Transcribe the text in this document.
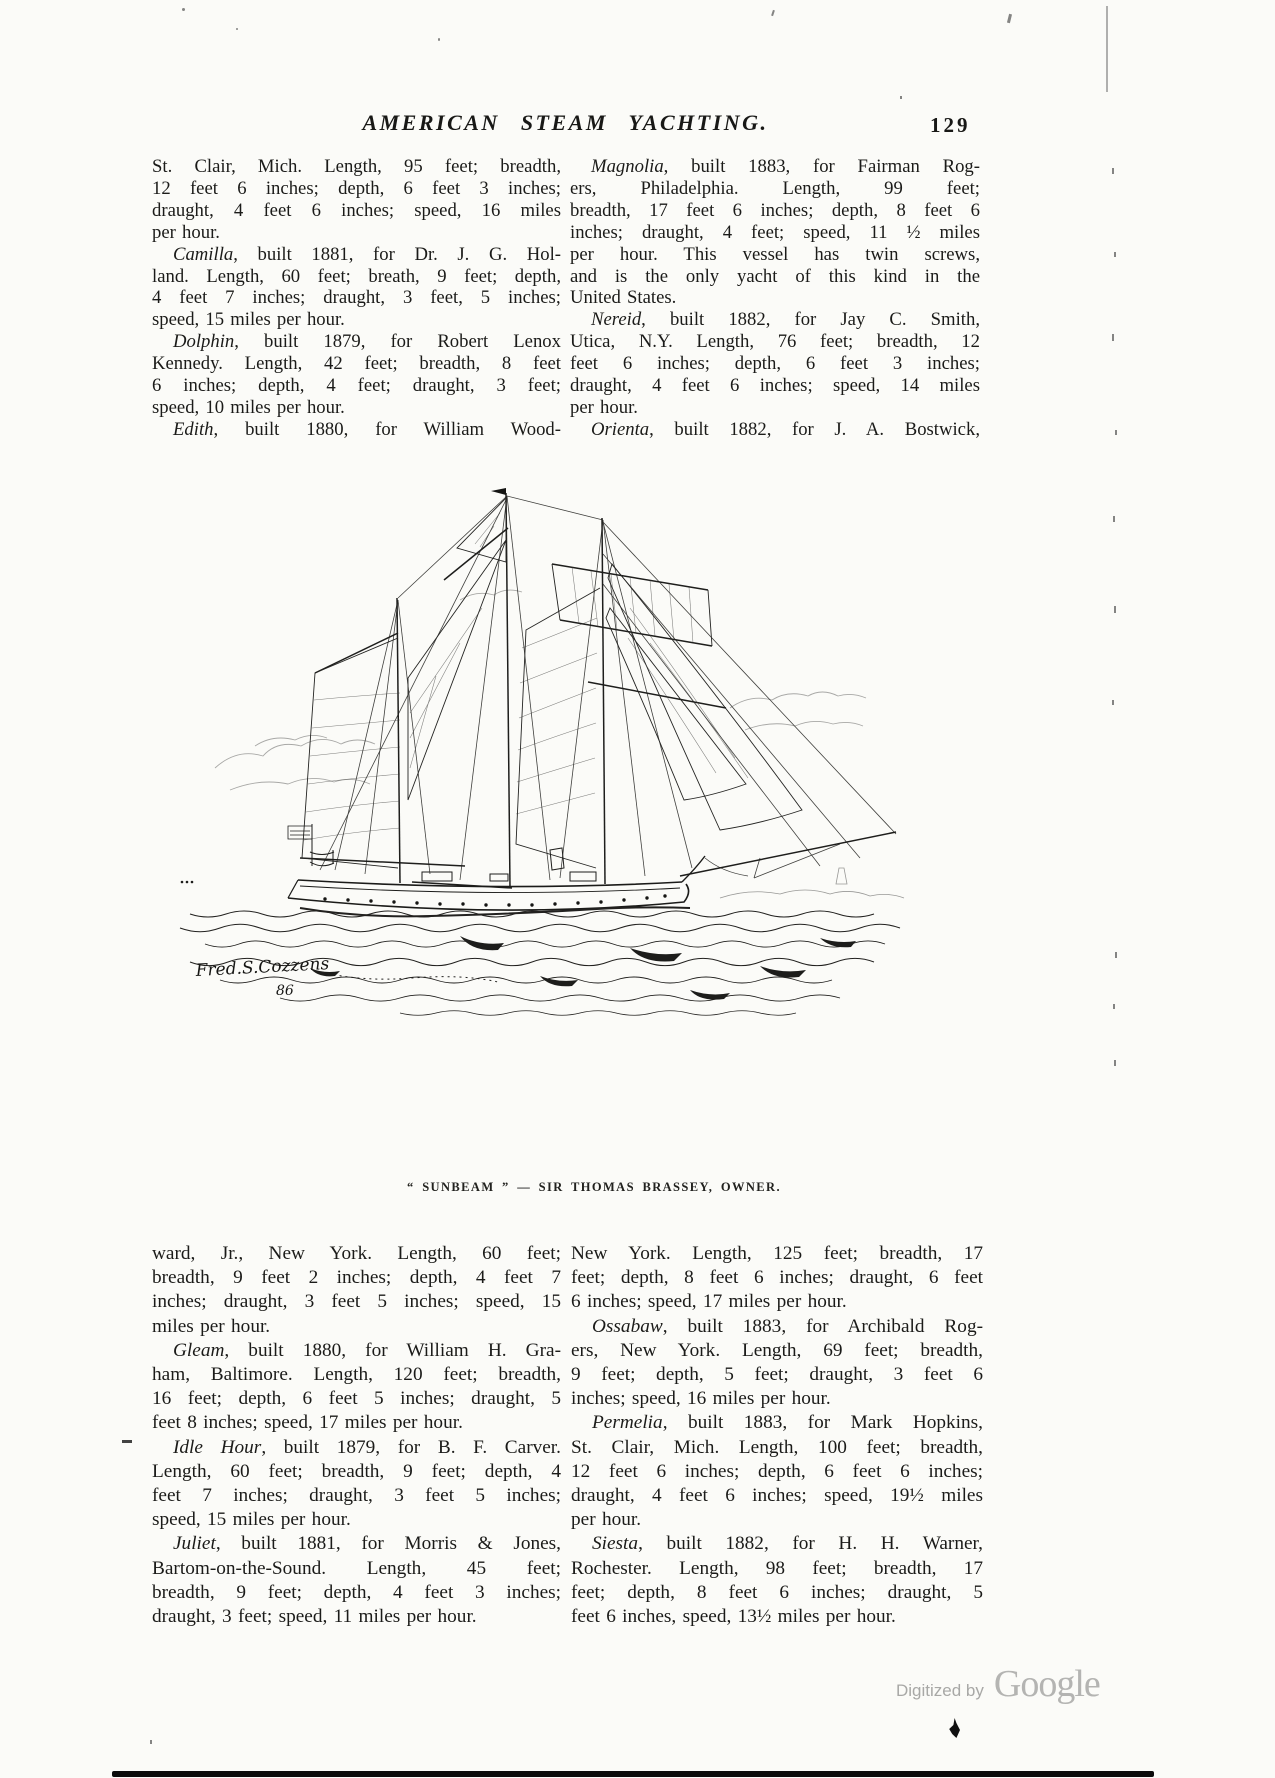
AMERICAN STEAM YACHTING.	129
St. Clair, Mich. Length, 95 feet; breadth,
12 feet 6 inches; depth, 6 feet 3 inches;
draught, 4 feet 6 inches; speed, 16 miles
per hour.
Camilla, built 1881, for Dr. J. G. Hol-
land. Length, 60 feet; breath, 9 feet; depth,
4 feet 7 inches; draught, 3 feet, 5 inches;
speed, 15 miles per hour.
Dolphin, built 1879, for Robert Lenox
Kennedy. Length, 42 feet; breadth, 8 feet
6 inches; depth, 4 feet; draught, 3 feet;
speed, 10 miles per hour.
Edith, built 1880, for William Wood-
Magnolia, built 1883, for Fairman Rog-
ers, Philadelphia. Length, 99 feet;
breadth, 17 feet 6 inches; depth, 8 feet 6
inches; draught, 4 feet; speed, 11 ½ miles
per hour. This vessel has twin screws,
and is the only yacht of this kind in the
United States.
Nereid, built 1882, for Jay C. Smith,
Utica, N.Y. Length, 76 feet; breadth, 12
feet 6 inches; depth, 6 feet 3 inches;
draught, 4 feet 6 inches; speed, 14 miles
per hour.
Orienta, built 1882, for J. A. Bostwick,
Fred.S.Cozzens
86
“ SUNBEAM ” — SIR THOMAS BRASSEY, OWNER.
ward, Jr., New York. Length, 60 feet;
breadth, 9 feet 2 inches; depth, 4 feet 7
inches; draught, 3 feet 5 inches; speed, 15
miles per hour.
Gleam, built 1880, for William H. Gra-
ham, Baltimore. Length, 120 feet; breadth,
16 feet; depth, 6 feet 5 inches; draught, 5
feet 8 inches; speed, 17 miles per hour.
Idle Hour, built 1879, for B. F. Carver.
Length, 60 feet; breadth, 9 feet; depth, 4
feet 7 inches; draught, 3 feet 5 inches;
speed, 15 miles per hour.
Juliet, built 1881, for Morris & Jones,
Bartom-on-the-Sound. Length, 45 feet;
breadth, 9 feet; depth, 4 feet 3 inches;
draught, 3 feet; speed, 11 miles per hour.
New York. Length, 125 feet; breadth, 17
feet; depth, 8 feet 6 inches; draught, 6 feet
6 inches; speed, 17 miles per hour.
Ossabaw, built 1883, for Archibald Rog-
ers, New York. Length, 69 feet; breadth,
9 feet; depth, 5 feet; draught, 3 feet 6
inches; speed, 16 miles per hour.
Permelia, built 1883, for Mark Hopkins,
St. Clair, Mich. Length, 100 feet; breadth,
12 feet 6 inches; depth, 6 feet 6 inches;
draught, 4 feet 6 inches; speed, 19½ miles
per hour.
Siesta, built 1882, for H. H. Warner,
Rochester. Length, 98 feet; breadth, 17
feet; depth, 8 feet 6 inches; draught, 5
feet 6 inches, speed, 13½ miles per hour.
Digitized by Google
